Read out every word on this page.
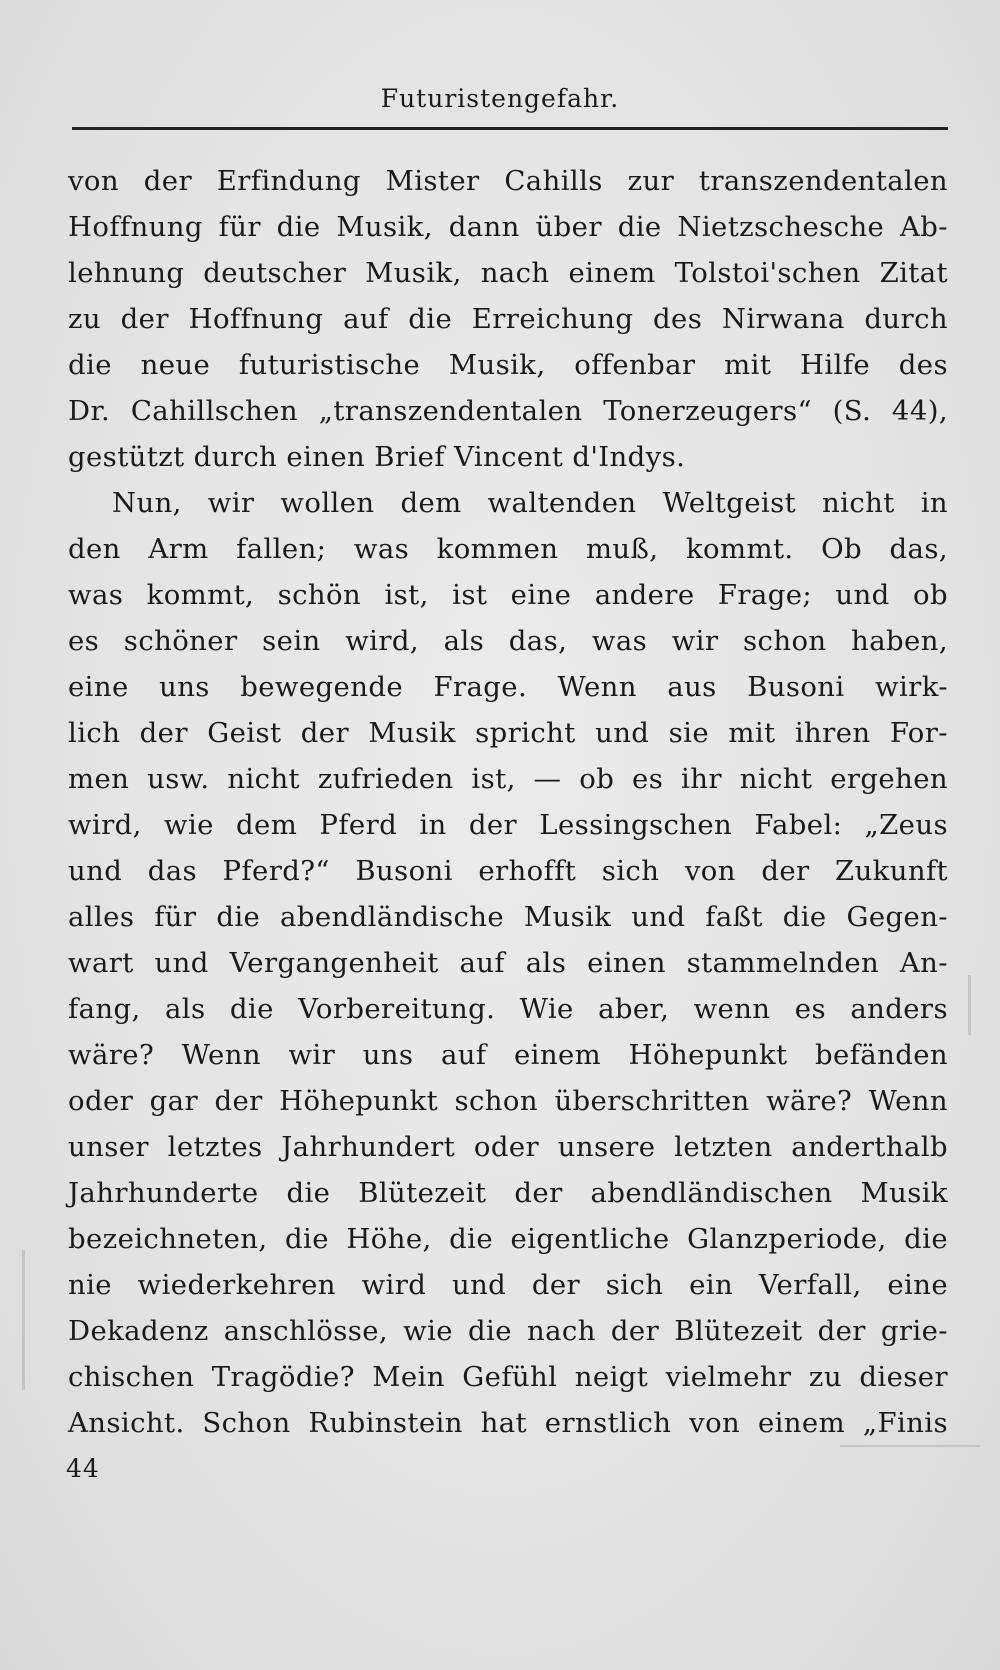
Futuristengefahr.
von der Erfindung Mister Cahills zur transzendentalen
Hoffnung für die Musik, dann über die Nietzschesche Ab-
lehnung deutscher Musik, nach einem Tolstoi'schen Zitat
zu der Hoffnung auf die Erreichung des Nirwana durch
die neue futuristische Musik, offenbar mit Hilfe des
Dr. Cahillschen „transzendentalen Tonerzeugers“ (S. 44),
gestützt durch einen Brief Vincent d'Indys.
Nun, wir wollen dem waltenden Weltgeist nicht in
den Arm fallen; was kommen muß, kommt. Ob das,
was kommt, schön ist, ist eine andere Frage; und ob
es schöner sein wird, als das, was wir schon haben,
eine uns bewegende Frage. Wenn aus Busoni wirk-
lich der Geist der Musik spricht und sie mit ihren For-
men usw. nicht zufrieden ist, — ob es ihr nicht ergehen
wird, wie dem Pferd in der Lessingschen Fabel: „Zeus
und das Pferd?“ Busoni erhofft sich von der Zukunft
alles für die abendländische Musik und faßt die Gegen-
wart und Vergangenheit auf als einen stammelnden An-
fang, als die Vorbereitung. Wie aber, wenn es anders
wäre? Wenn wir uns auf einem Höhepunkt befänden
oder gar der Höhepunkt schon überschritten wäre? Wenn
unser letztes Jahrhundert oder unsere letzten anderthalb
Jahrhunderte die Blütezeit der abendländischen Musik
bezeichneten, die Höhe, die eigentliche Glanzperiode, die
nie wiederkehren wird und der sich ein Verfall, eine
Dekadenz anschlösse, wie die nach der Blütezeit der grie-
chischen Tragödie? Mein Gefühl neigt vielmehr zu dieser
Ansicht. Schon Rubinstein hat ernstlich von einem „Finis
44
